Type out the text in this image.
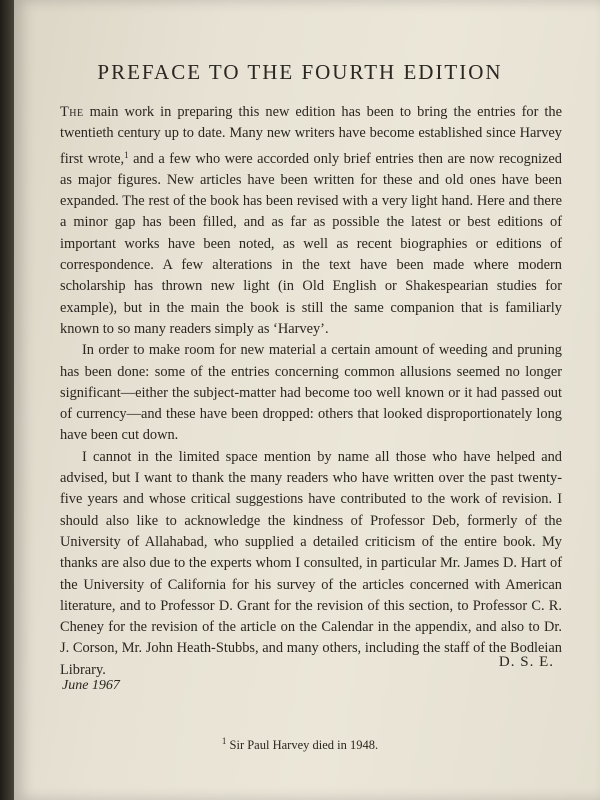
PREFACE TO THE FOURTH EDITION

The main work in preparing this new edition has been to bring the entries for the twentieth century up to date. Many new writers have become established since Harvey first wrote,$^1$ and a few who were accorded only brief entries then are now recognized as major figures. New articles have been written for these and old ones have been expanded. The rest of the book has been revised with a very light hand. Here and there a minor gap has been filled, and as far as possible the latest or best editions of important works have been noted, as well as recent biographies or editions of correspondence. A few alterations in the text have been made where modern scholarship has thrown new light (in Old English or Shakespearian studies for example), but in the main the book is still the same companion that is familiarly known to so many readers simply as ‘Harvey’.

In order to make room for new material a certain amount of weeding and pruning has been done: some of the entries concerning common allusions seemed no longer significant—either the subject-matter had become too well known or it had passed out of currency—and these have been dropped: others that looked disproportionately long have been cut down.

I cannot in the limited space mention by name all those who have helped and advised, but I want to thank the many readers who have written over the past twenty-five years and whose critical suggestions have contributed to the work of revision. I should also like to acknowledge the kindness of Professor Deb, formerly of the University of Allahabad, who supplied a detailed criticism of the entire book. My thanks are also due to the experts whom I consulted, in particular Mr. James D. Hart of the University of California for his survey of the articles concerned with American literature, and to Professor D. Grant for the revision of this section, to Professor C. R. Cheney for the revision of the article on the Calendar in the appendix, and also to Dr. J. Corson, Mr. John Heath-Stubbs, and many others, including the staff of the Bodleian Library.	D. S. E.
June 1967
$^1$ Sir Paul Harvey died in 1948.
